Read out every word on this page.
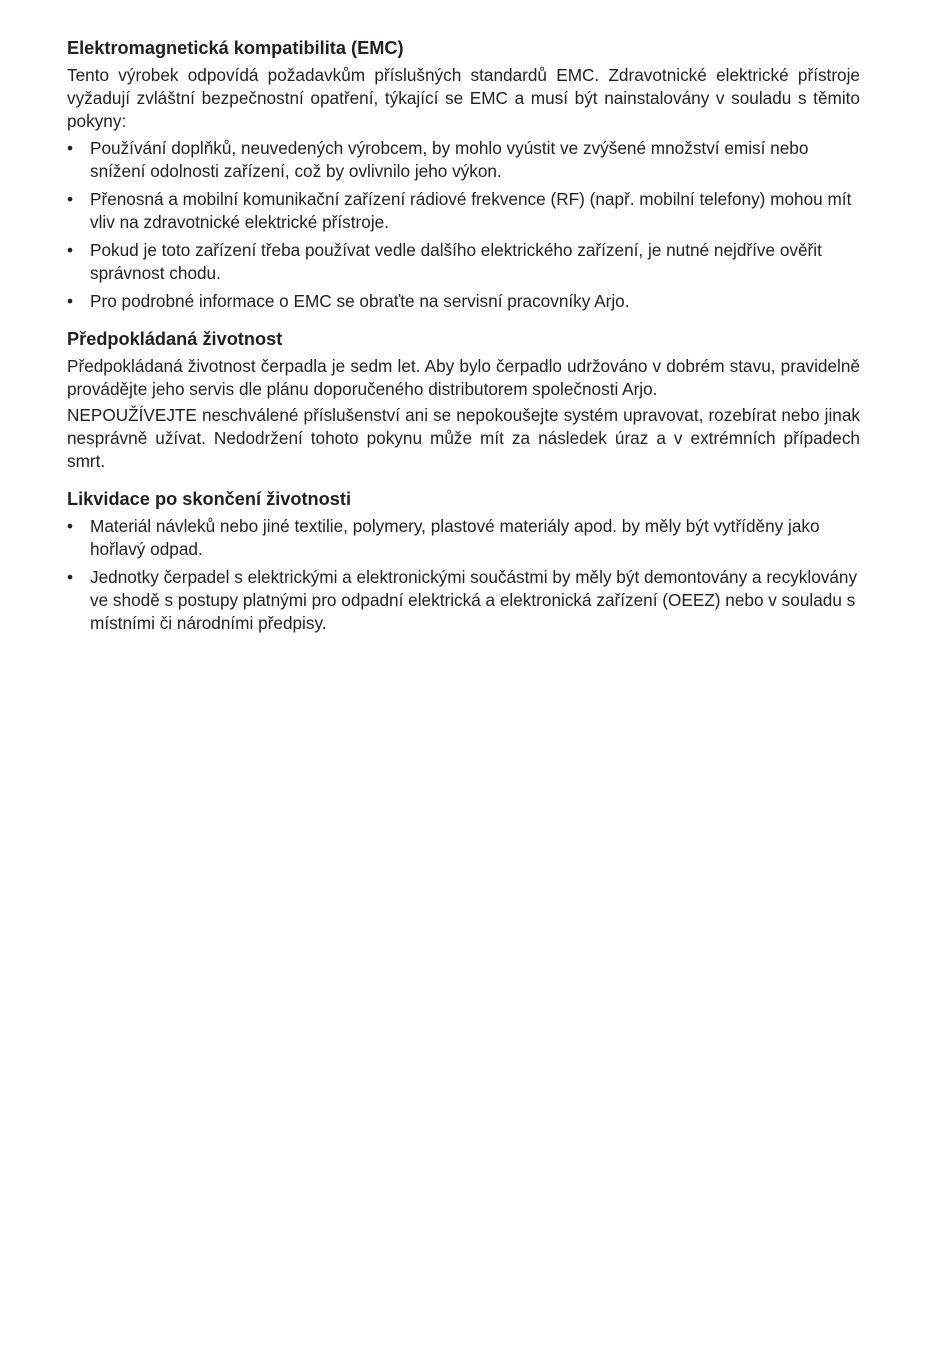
Elektromagnetická kompatibilita (EMC)

Tento výrobek odpovídá požadavkům příslušných standardů EMC. Zdravotnické elektrické přístroje vyžadují zvláštní bezpečnostní opatření, týkající se EMC a musí být nainstalovány v souladu s těmito pokyny:

• Používání doplňků, neuvedených výrobcem, by mohlo vyústit ve zvýšené množství emisí nebo snížení odolnosti zařízení, což by ovlivnilo jeho výkon.
• Přenosná a mobilní komunikační zařízení rádiové frekvence (RF) (např. mobilní telefony) mohou mít vliv na zdravotnické elektrické přístroje.
• Pokud je toto zařízení třeba používat vedle dalšího elektrického zařízení, je nutné nejdříve ověřit správnost chodu.
• Pro podrobné informace o EMC se obraťte na servisní pracovníky Arjo.
Předpokládaná životnost

Předpokládaná životnost čerpadla je sedm let. Aby bylo čerpadlo udržováno v dobrém stavu, pravidelně provádějte jeho servis dle plánu doporučeného distributorem společnosti Arjo.

NEPOUŽÍVEJTE neschválené příslušenství ani se nepokoušejte systém upravovat, rozebírat nebo jinak nesprávně užívat. Nedodržení tohoto pokynu může mít za následek úraz a v extrémních případech smrt.

Likvidace po skončení životnosti
• Materiál návleků nebo jiné textilie, polymery, plastové materiály apod. by měly být vytříděny jako hořlavý odpad.
• Jednotky čerpadel s elektrickými a elektronickými součástmi by měly být demontovány a recyklovány ve shodě s postupy platnými pro odpadní elektrická a elektronická zařízení (OEEZ) nebo v souladu s místními či národními předpisy.
